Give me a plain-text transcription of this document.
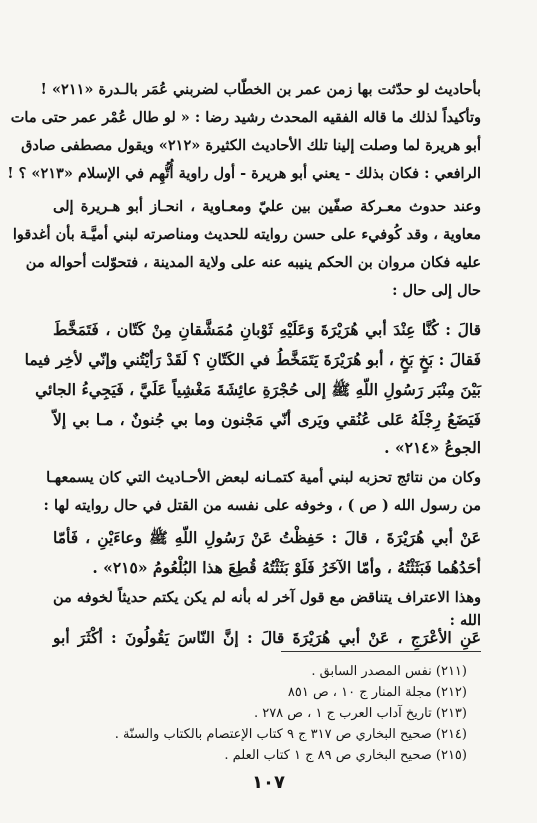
بأحاديث لو حدّثت بها زمن عمر بن الخطّاب لضربني عُمَر بالـدرة «٢١١» !
وتأكيداً لذلك ما قاله الفقيه المحدث رشيد رضا : « لو طال عُمْر عمر حتى مات
أبو هريرة لما وصلت إلينا تلك الأحاديث الكثيرة «٢١٢» ويقول مصطفى صادق
الرافعي : فكان بذلك - يعني أبو هريرة - أول راوية أُتُّهِم في الإسلام «٢١٣» ؟ !
وعند حدوث معـركة صفّين بين عليّ ومعـاوية ، انحـاز أبو هـريرة إلى
معاوية ، وقد كُوفيء على حسن روايته للحديث ومناصرته لبني أميَّـة بأن أغدقوا
عليه فكان مروان بن الحكم ينيبه عنه على ولاية المدينة ، فتحوّلت أحواله من
حال إلى حال :
قالَ : كُنَّا عِنْدَ أبي هُرَيْرَةَ وَعَلَيْهِ ثَوْبانِ مُمَشَّقانِ مِنْ كَتّان ، فَتَمَخَّطَ
فَقالَ : بَخٍ بَخٍ ، أبو هُرَيْرَةَ يَتَمَخَّطُ في الكَتّانِ ؟ لَقَدْ رَأيْتُني وإنّي لأخِر فيما
بَيْنَ مِنْبَر رَسُولِ اللّهِ ﷺ إلى حُجْرَةِ عائِشَةَ مَغْشِياً عَلَيَّ ، فَيَجِيءُ الجائي
فَيَضَعُ رِجْلَهُ عَلى عُنُقي ويَرى أنّي مَجْنون وما بي جُنونٌ ، مـا بي إلاّ
الجوعُ «٢١٤» .
وكان من نتائج تحزبه لبني أمية كتمـانه لبعض الأحـاديث التي كان يسمعهـا
من رسول الله ( ص ) ، وخوفه على نفسه من القتل في حال روايته لها :
عَنْ أبي هُرَيْرَةَ ، قالَ : حَفِظْتُ عَنْ رَسُولِ اللّهِ ﷺ وعاءَيْنِ ، فَأمّا
أحَدُهُما فَبَثَثْتُهُ ، وأمّا الآخَرُ فَلَوْ بَثَثْتُهُ قُطِعَ هذا البُلْعُومُ «٢١٥» .
وهذا الاعتراف يتناقض مع قول آخر له بأنه لم يكن يكتم حديثاً لخوفه من
الله :
عَنِ الأعْرَجِ ، عَنْ أبي هُرَيْرَةَ قالَ : إنَّ النّاسَ يَقُولُونَ : أكْثَرَ أبو
(٢١١) نفس المصدر السابق .
(٢١٢) مجلة المنار ج ١٠ ، ص ٨٥١
(٢١٣) تاريخ آداب العرب ج ١ ، ص ٢٧٨ .
(٢١٤) صحيح البخاري ص ٣١٧ ج ٩ كتاب الإعتصام بالكتاب والسنّة .
(٢١٥) صحيح البخاري ص ٨٩ ج ١ كتاب العلم .
١٠٧
